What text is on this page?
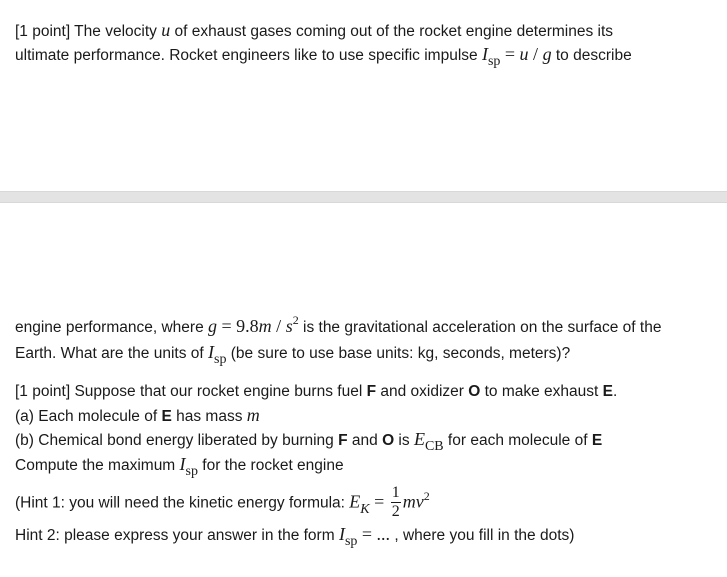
[1 point] The velocity u of exhaust gases coming out of the rocket engine determines its
ultimate performance. Rocket engineers like to use specific impulse Isp = u / g to describe
engine performance, where $g = 9.8m / s^2$ is the gravitational acceleration on the surface of the
Earth. What are the units of Isp (be sure to use base units: kg, seconds, meters)?
[1 point] Suppose that our rocket engine burns fuel F and oxidizer O to make exhaust E.
(a) Each molecule of E has mass m
(b) Chemical bond energy liberated by burning F and O is ECB for each molecule of E
Compute the maximum Isp for the rocket engine
(Hint 1: you will need the kinetic energy formula: EK = $\frac{1}{2} mv^2$
Hint 2: please express your answer in the form Isp = ... , where you fill in the dots)
